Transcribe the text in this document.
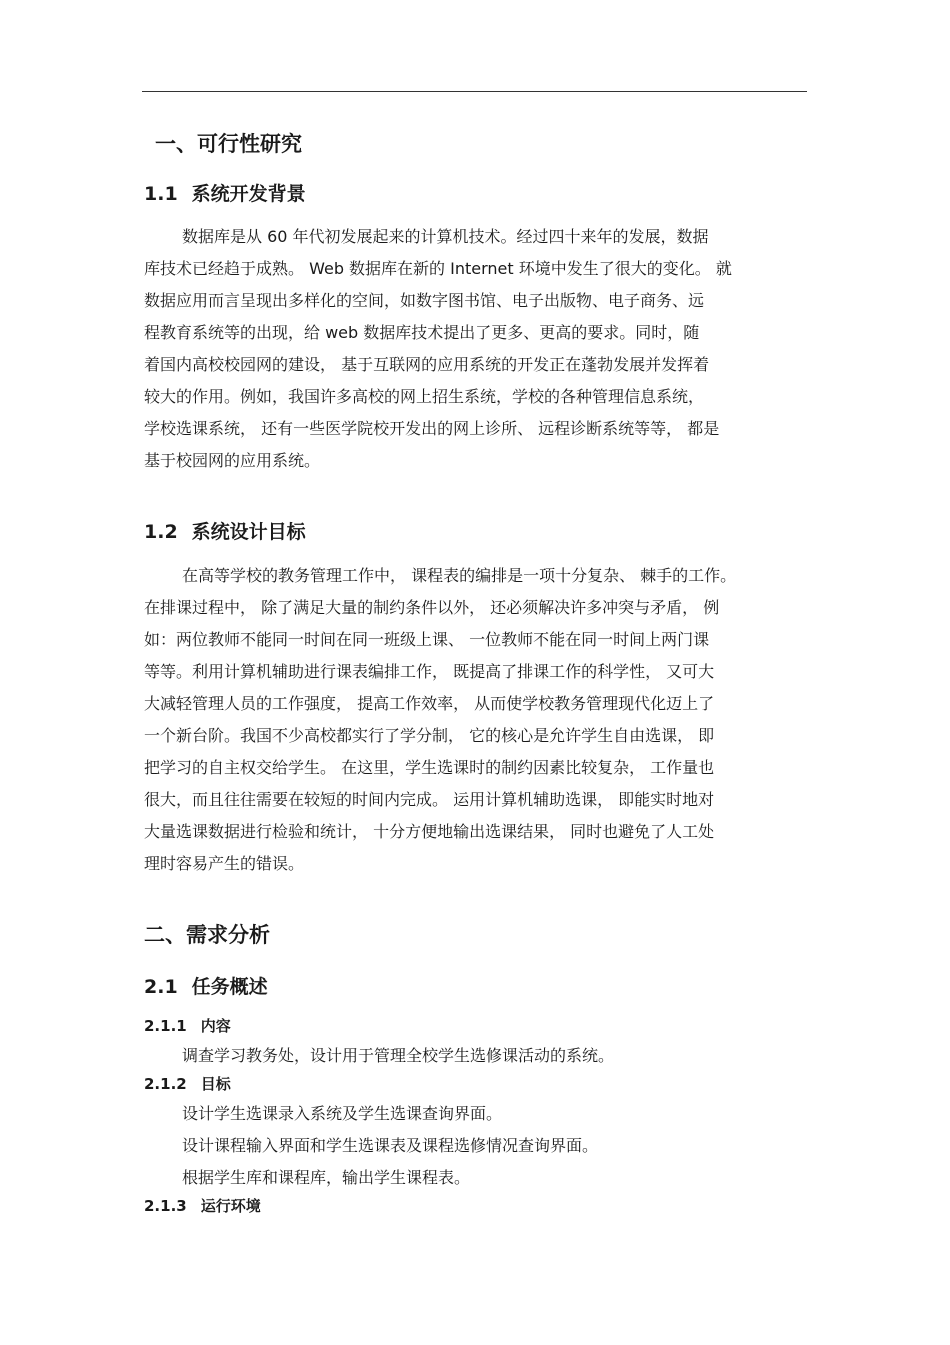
一、可行性研究
1.1 系统开发背景
数据库是从 60 年代初发展起来的计算机技术。经过四十来年的发展，数据
库技术已经趋于成熟。 Web 数据库在新的 Internet 环境中发生了很大的变化。 就
数据应用而言呈现出多样化的空间，如数字图书馆、电子出版物、电子商务、远
程教育系统等的出现，给 web 数据库技术提出了更多、更高的要求。同时，随
着国内高校校园网的建设， 基于互联网的应用系统的开发正在蓬勃发展并发挥着
较大的作用。例如，我国许多高校的网上招生系统，学校的各种管理信息系统，
学校选课系统， 还有一些医学院校开发出的网上诊所、 远程诊断系统等等， 都是
基于校园网的应用系统。
1.2 系统设计目标
在高等学校的教务管理工作中， 课程表的编排是一项十分复杂、 棘手的工作。
在排课过程中， 除了满足大量的制约条件以外， 还必须解决许多冲突与矛盾， 例
如：两位教师不能同一时间在同一班级上课、 一位教师不能在同一时间上两门课
等等。利用计算机辅助进行课表编排工作， 既提高了排课工作的科学性， 又可大
大减轻管理人员的工作强度， 提高工作效率， 从而使学校教务管理现代化迈上了
一个新台阶。我国不少高校都实行了学分制， 它的核心是允许学生自由选课， 即
把学习的自主权交给学生。 在这里，学生选课时的制约因素比较复杂， 工作量也
很大，而且往往需要在较短的时间内完成。 运用计算机辅助选课， 即能实时地对
大量选课数据进行检验和统计， 十分方便地输出选课结果， 同时也避免了人工处
理时容易产生的错误。
二、需求分析
2.1 任务概述
2.1.1 内容

调查学习教务处，设计用于管理全校学生选修课活动的系统。

2.1.2 目标

设计学生选课录入系统及学生选课查询界面。

设计课程输入界面和学生选课表及课程选修情况查询界面。

根据学生库和课程库，输出学生课程表。

2.1.3 运行环境
